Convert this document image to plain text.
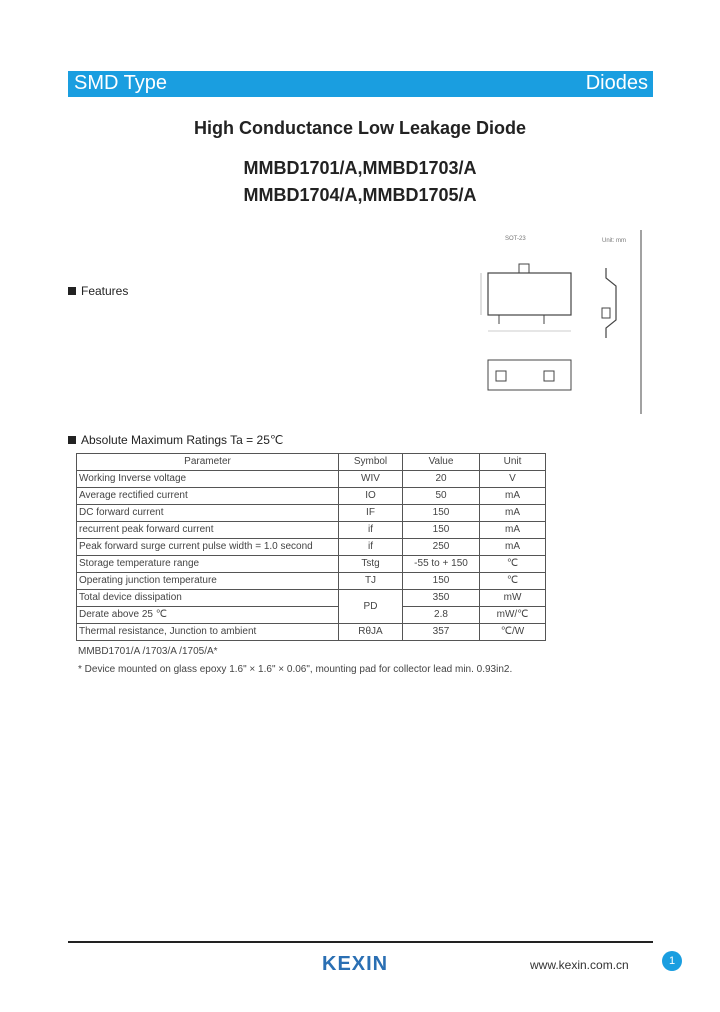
SMD Type	Diodes
High Conductance Low Leakage Diode
MMBD1701/A,MMBD1703/A
MMBD1704/A,MMBD1705/A
SOT-23	Unit: mm
Features
Absolute Maximum Ratings Ta = 25℃
Parameter	Symbol	Value	Unit
Working Inverse voltage	WIV	20	V
Average rectified current	IO	50	mA
DC forward current	IF	150	mA
recurrent peak forward current	if	150	mA
Peak forward surge current pulse width = 1.0 second	if	250	mA
Storage temperature range	Tstg	-55 to + 150	℃
Operating junction temperature	TJ	150	℃
Total device dissipation	PD	350	mW
Derate above 25 ℃		2.8	mW/℃
Thermal resistance, Junction to ambient	RθJA	357	℃/W
MMBD1701/A /1703/A /1705/A*
* Device mounted on glass epoxy 1.6" × 1.6" × 0.06", mounting pad for collector lead min. 0.93in2.
KEXIN	www.kexin.com.cn	1
